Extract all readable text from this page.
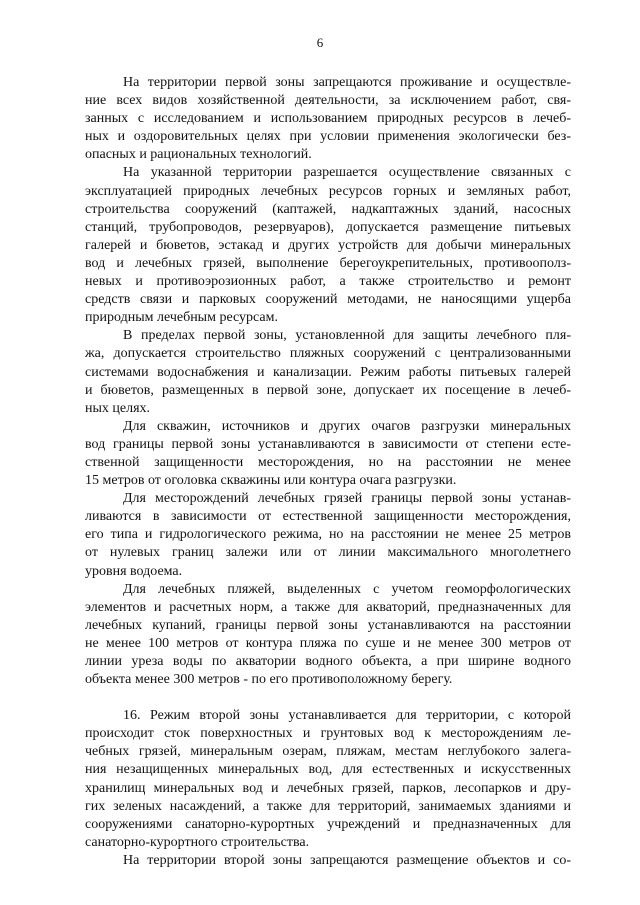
6
На территории первой зоны запрещаются проживание и осуществле-
ние всех видов хозяйственной деятельности, за исключением работ, свя-
занных с исследованием и использованием природных ресурсов в лечеб-
ных и оздоровительных целях при условии применения экологически без-
опасных и рациональных технологий.
На указанной территории разрешается осуществление связанных с
эксплуатацией природных лечебных ресурсов горных и земляных работ,
строительства сооружений (каптажей, надкаптажных зданий, насосных
станций, трубопроводов, резервуаров), допускается размещение питьевых
галерей и бюветов, эстакад и других устройств для добычи минеральных
вод и лечебных грязей, выполнение берегоукрепительных, противоополз-
невых и противоэрозионных работ, а также строительство и ремонт
средств связи и парковых сооружений методами, не наносящими ущерба
природным лечебным ресурсам.
В пределах первой зоны, установленной для защиты лечебного пля-
жа, допускается строительство пляжных сооружений с централизованными
системами водоснабжения и канализации. Режим работы питьевых галерей
и бюветов, размещенных в первой зоне, допускает их посещение в лечеб-
ных целях.
Для скважин, источников и других очагов разгрузки минеральных
вод границы первой зоны устанавливаются в зависимости от степени есте-
ственной защищенности месторождения, но на расстоянии не менее
15 метров от оголовка скважины или контура очага разгрузки.
Для месторождений лечебных грязей границы первой зоны устанав-
ливаются в зависимости от естественной защищенности месторождения,
его типа и гидрологического режима, но на расстоянии не менее 25 метров
от нулевых границ залежи или от линии максимального многолетнего
уровня водоема.
Для лечебных пляжей, выделенных с учетом геоморфологических
элементов и расчетных норм, а также для акваторий, предназначенных для
лечебных купаний, границы первой зоны устанавливаются на расстоянии
не менее 100 метров от контура пляжа по суше и не менее 300 метров от
линии уреза воды по акватории водного объекта, а при ширине водного
объекта менее 300 метров - по его противоположному берегу.
16. Режим второй зоны устанавливается для территории, с которой
происходит сток поверхностных и грунтовых вод к месторождениям ле-
чебных грязей, минеральным озерам, пляжам, местам неглубокого залега-
ния незащищенных минеральных вод, для естественных и искусственных
хранилищ минеральных вод и лечебных грязей, парков, лесопарков и дру-
гих зеленых насаждений, а также для территорий, занимаемых зданиями и
сооружениями санаторно-курортных учреждений и предназначенных для
санаторно-курортного строительства.
На территории второй зоны запрещаются размещение объектов и со-
